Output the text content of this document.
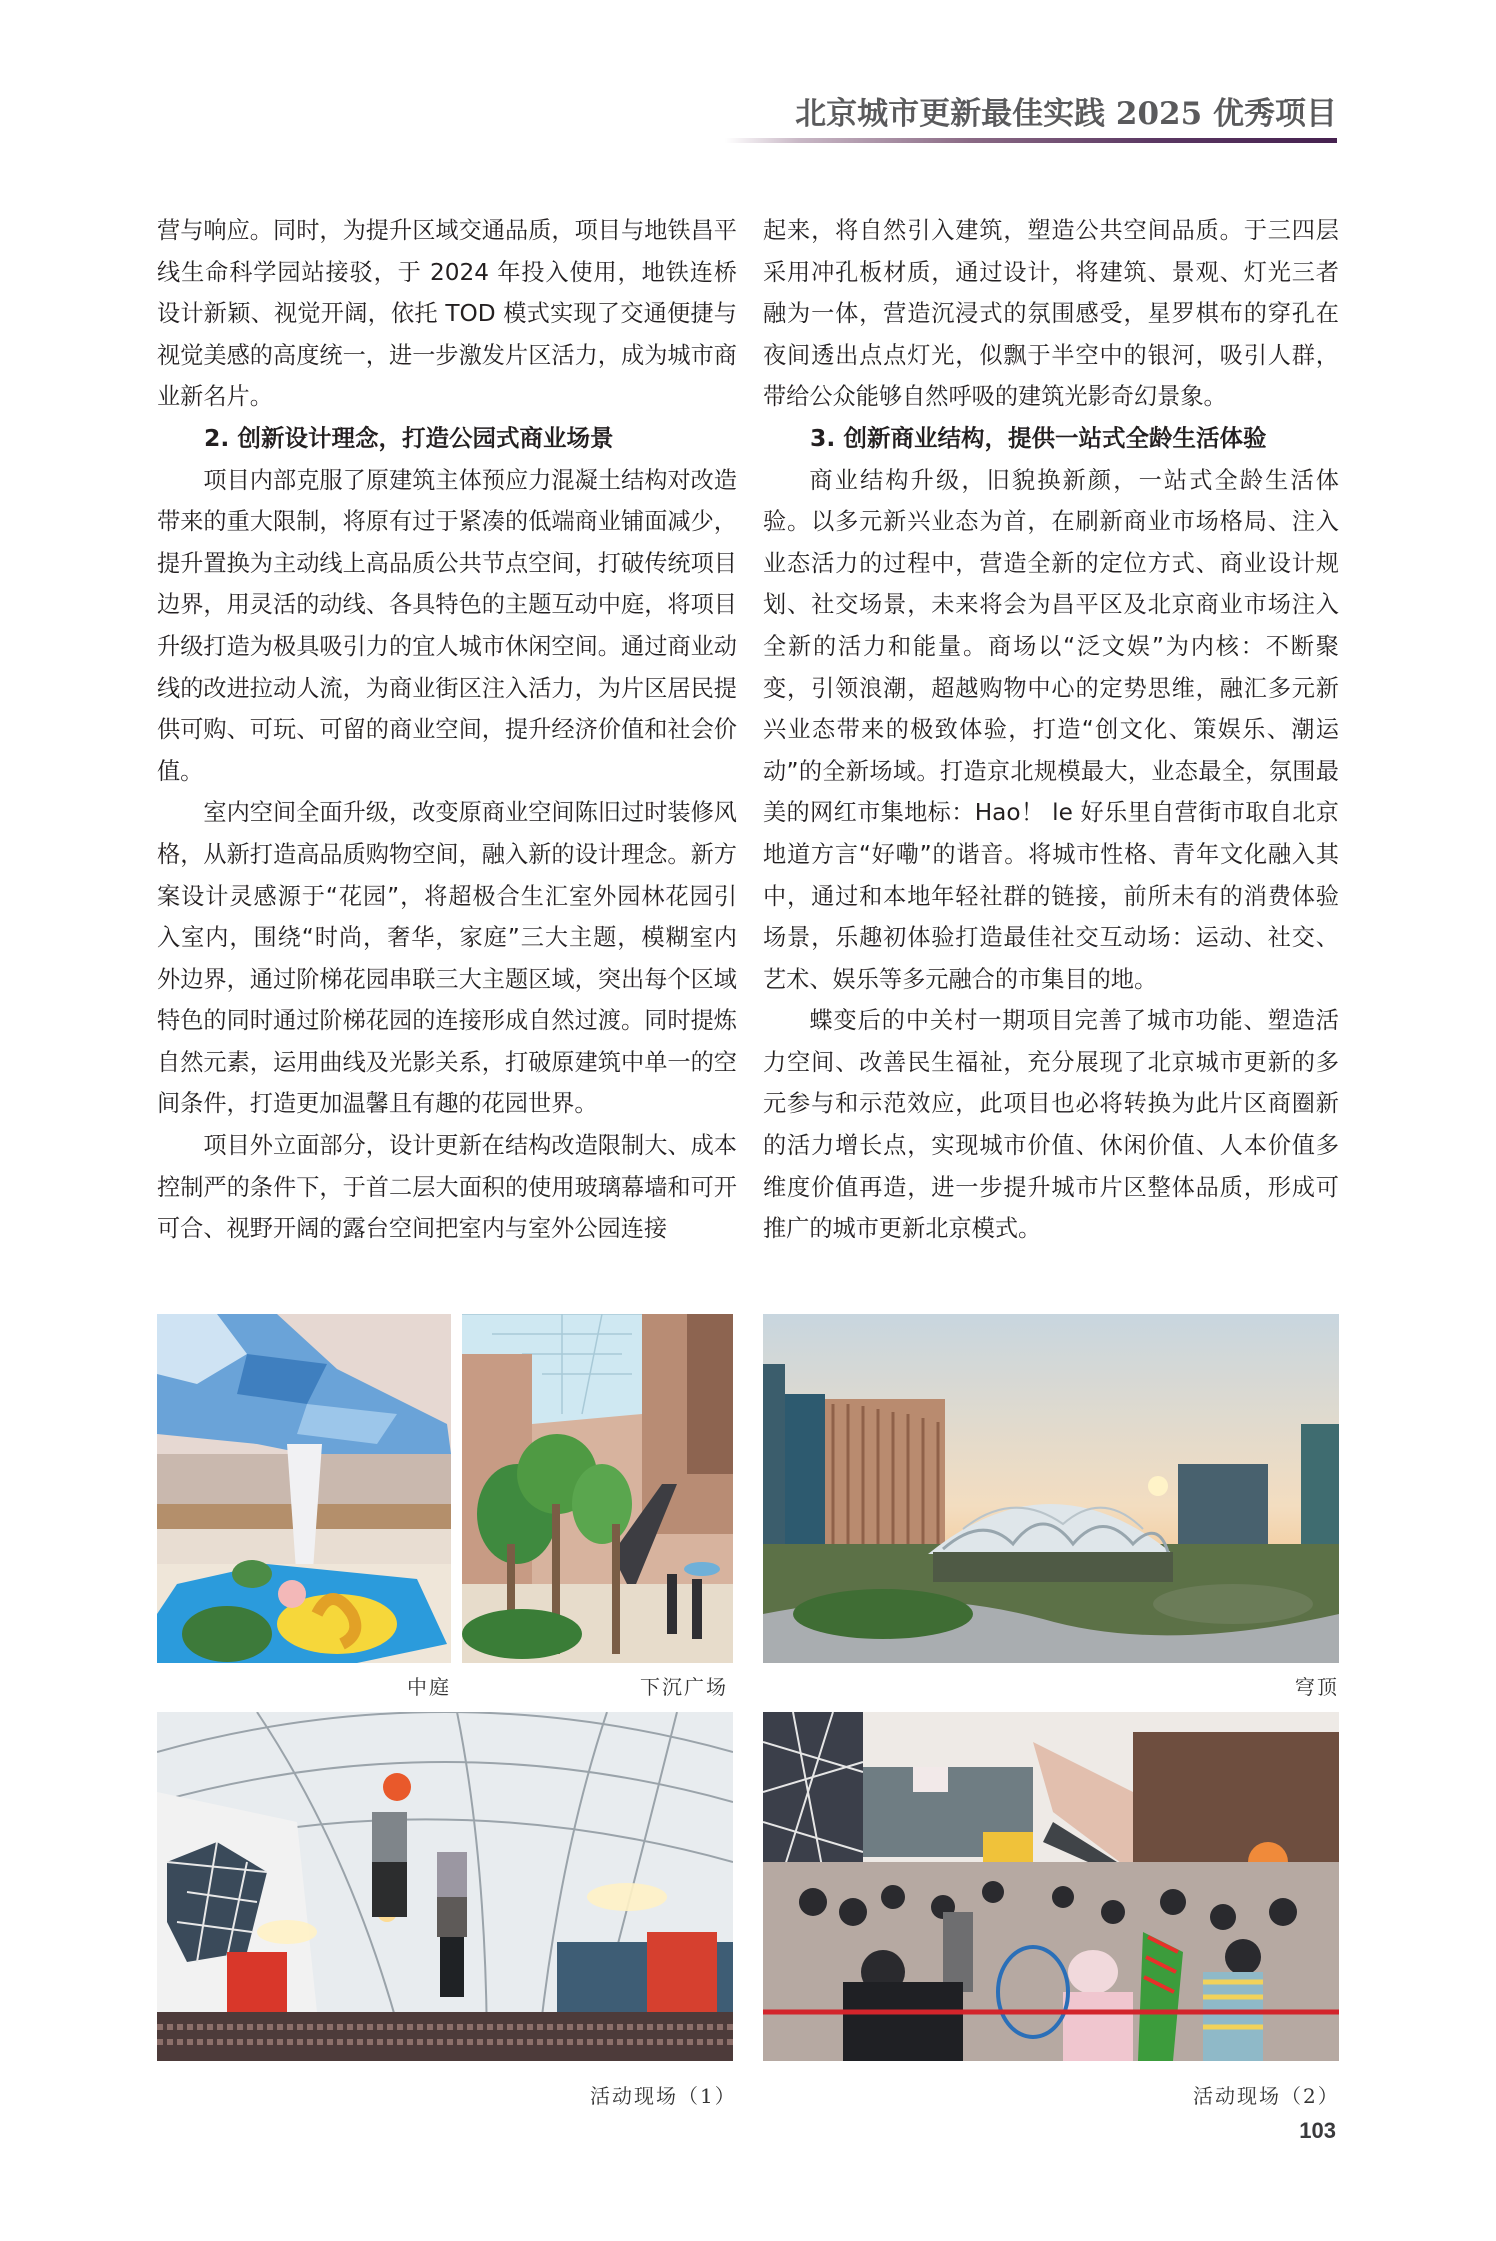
北京城市更新最佳实践 2025 优秀项目

营与响应。同时，为提升区域交通品质，项目与地铁昌平线生命科学园站接驳，于 2024 年投入使用，地铁连桥设计新颖、视觉开阔，依托 TOD 模式实现了交通便捷与视觉美感的高度统一，进一步激发片区活力，成为城市商业新名片。

2. 创新设计理念，打造公园式商业场景

项目内部克服了原建筑主体预应力混凝土结构对改造带来的重大限制，将原有过于紧凑的低端商业铺面减少，提升置换为主动线上高品质公共节点空间，打破传统项目边界，用灵活的动线、各具特色的主题互动中庭，将项目升级打造为极具吸引力的宜人城市休闲空间。通过商业动线的改进拉动人流，为商业街区注入活力，为片区居民提供可购、可玩、可留的商业空间，提升经济价值和社会价值。

室内空间全面升级，改变原商业空间陈旧过时装修风格，从新打造高品质购物空间，融入新的设计理念。新方案设计灵感源于“花园”，将超极合生汇室外园林花园引入室内，围绕“时尚，奢华，家庭”三大主题，模糊室内外边界，通过阶梯花园串联三大主题区域，突出每个区域特色的同时通过阶梯花园的连接形成自然过渡。同时提炼自然元素，运用曲线及光影关系，打破原建筑中单一的空间条件，打造更加温馨且有趣的花园世界。

项目外立面部分，设计更新在结构改造限制大、成本控制严的条件下，于首二层大面积的使用玻璃幕墙和可开可合、视野开阔的露台空间把室内与室外公园连接

起来，将自然引入建筑，塑造公共空间品质。于三四层采用冲孔板材质，通过设计，将建筑、景观、灯光三者融为一体，营造沉浸式的氛围感受，星罗棋布的穿孔在夜间透出点点灯光，似飘于半空中的银河，吸引人群，带给公众能够自然呼吸的建筑光影奇幻景象。

3. 创新商业结构，提供一站式全龄生活体验

商业结构升级，旧貌换新颜，一站式全龄生活体验。以多元新兴业态为首，在刷新商业市场格局、注入业态活力的过程中，营造全新的定位方式、商业设计规划、社交场景，未来将会为昌平区及北京商业市场注入全新的活力和能量。商场以“泛文娱”为内核：不断聚变，引领浪潮，超越购物中心的定势思维，融汇多元新兴业态带来的极致体验，打造“创文化、策娱乐、潮运动”的全新场域。打造京北规模最大，业态最全，氛围最美的网红市集地标：Hao！ le 好乐里自营街市取自北京地道方言“好嘞”的谐音。将城市性格、青年文化融入其中，通过和本地年轻社群的链接，前所未有的消费体验场景，乐趣初体验打造最佳社交互动场：运动、社交、艺术、娱乐等多元融合的市集目的地。

蝶变后的中关村一期项目完善了城市功能、塑造活力空间、改善民生福祉，充分展现了北京城市更新的多元参与和示范效应，此项目也必将转换为此片区商圈新的活力增长点，实现城市价值、休闲价值、人本价值多维度价值再造，进一步提升城市片区整体品质，形成可推广的城市更新北京模式。

中庭	下沉广场	穹顶
活动现场（1）	活动现场（2）
103
